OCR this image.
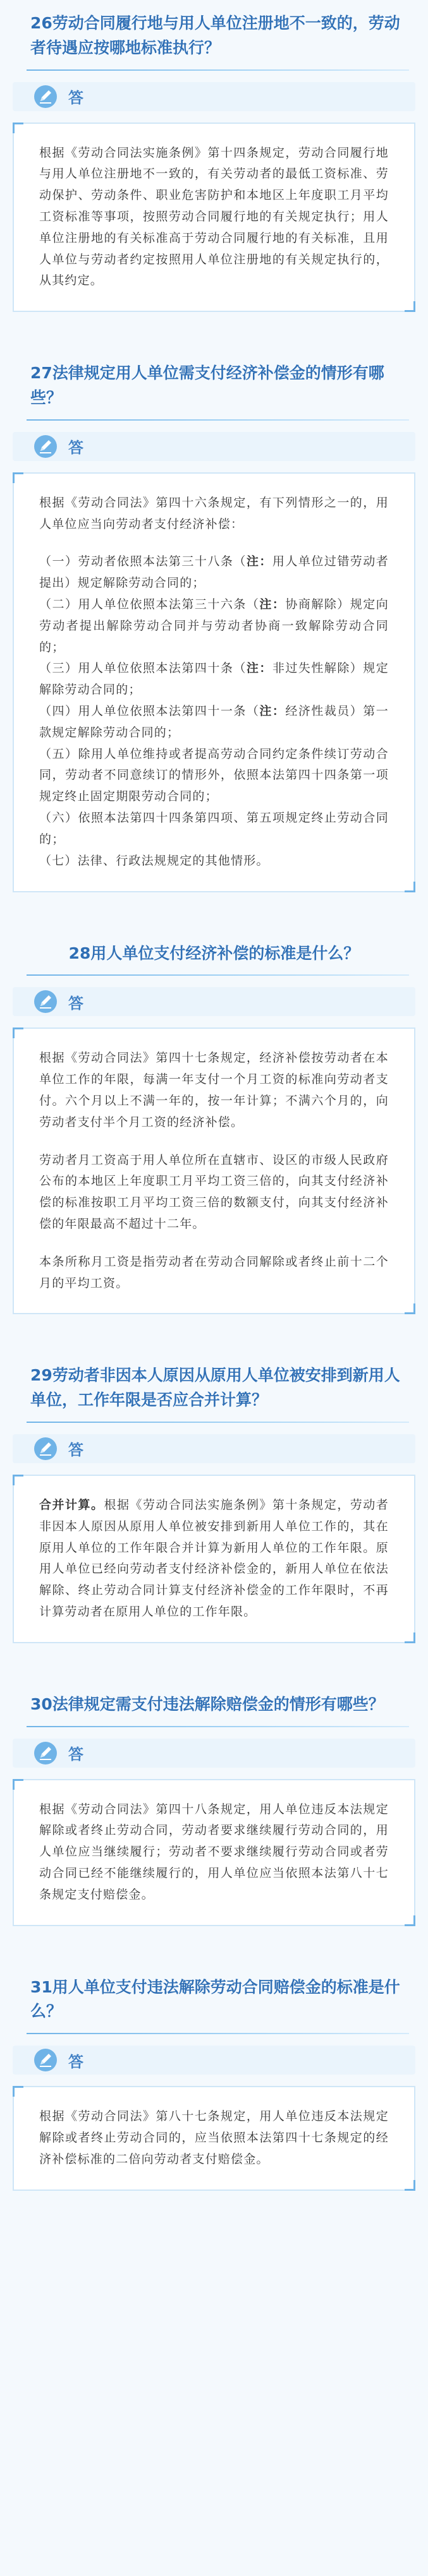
26劳动合同履行地与用人单位注册地不一致的，劳动者待遇应按哪地标准执行？
答

根据《劳动合同法实施条例》第十四条规定，劳动合同履行地与用人单位注册地不一致的，有关劳动者的最低工资标准、劳动保护、劳动条件、职业危害防护和本地区上年度职工月平均工资标准等事项，按照劳动合同履行地的有关规定执行；用人单位注册地的有关标准高于劳动合同履行地的有关标准，且用人单位与劳动者约定按照用人单位注册地的有关规定执行的，从其约定。

27法律规定用人单位需支付经济补偿金的情形有哪些？
答

根据《劳动合同法》第四十六条规定，有下列情形之一的，用人单位应当向劳动者支付经济补偿：

（一）劳动者依照本法第三十八条（注：用人单位过错劳动者提出）规定解除劳动合同的；

（二）用人单位依照本法第三十六条（注：协商解除）规定向劳动者提出解除劳动合同并与劳动者协商一致解除劳动合同的；

（三）用人单位依照本法第四十条（注：非过失性解除）规定解除劳动合同的；

（四）用人单位依照本法第四十一条（注：经济性裁员）第一款规定解除劳动合同的；

（五）除用人单位维持或者提高劳动合同约定条件续订劳动合同，劳动者不同意续订的情形外，依照本法第四十四条第一项规定终止固定期限劳动合同的；

（六）依照本法第四十四条第四项、第五项规定终止劳动合同的；

（七）法律、行政法规规定的其他情形。

28用人单位支付经济补偿的标准是什么？
答

根据《劳动合同法》第四十七条规定，经济补偿按劳动者在本单位工作的年限，每满一年支付一个月工资的标准向劳动者支付。六个月以上不满一年的，按一年计算；不满六个月的，向劳动者支付半个月工资的经济补偿。

劳动者月工资高于用人单位所在直辖市、设区的市级人民政府公布的本地区上年度职工月平均工资三倍的，向其支付经济补偿的标准按职工月平均工资三倍的数额支付，向其支付经济补偿的年限最高不超过十二年。

本条所称月工资是指劳动者在劳动合同解除或者终止前十二个月的平均工资。

29劳动者非因本人原因从原用人单位被安排到新用人单位，工作年限是否应合并计算？
答

合并计算。根据《劳动合同法实施条例》第十条规定，劳动者非因本人原因从原用人单位被安排到新用人单位工作的，其在原用人单位的工作年限合并计算为新用人单位的工作年限。原用人单位已经向劳动者支付经济补偿金的，新用人单位在依法解除、终止劳动合同计算支付经济补偿金的工作年限时，不再计算劳动者在原用人单位的工作年限。

30法律规定需支付违法解除赔偿金的情形有哪些？
答

根据《劳动合同法》第四十八条规定，用人单位违反本法规定解除或者终止劳动合同，劳动者要求继续履行劳动合同的，用人单位应当继续履行；劳动者不要求继续履行劳动合同或者劳动合同已经不能继续履行的，用人单位应当依照本法第八十七条规定支付赔偿金。

31用人单位支付违法解除劳动合同赔偿金的标准是什么？
答

根据《劳动合同法》第八十七条规定，用人单位违反本法规定解除或者终止劳动合同的，应当依照本法第四十七条规定的经济补偿标准的二倍向劳动者支付赔偿金。
